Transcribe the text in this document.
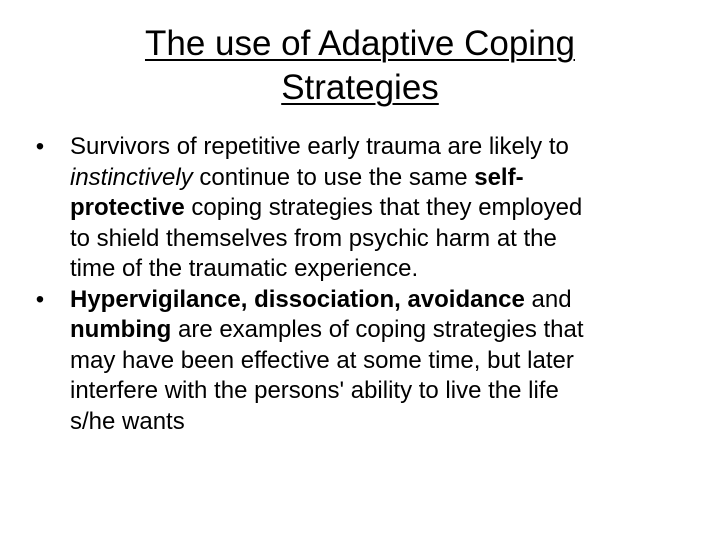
The use of Adaptive Coping
Strategies
• Survivors of repetitive early trauma are likely to
instinctively continue to use the same self-
protective coping strategies that they employed
to shield themselves from psychic harm at the
time of the traumatic experience.
• Hypervigilance, dissociation, avoidance and
numbing are examples of coping strategies that
may have been effective at some time, but later
interfere with the persons' ability to live the life
s/he wants
